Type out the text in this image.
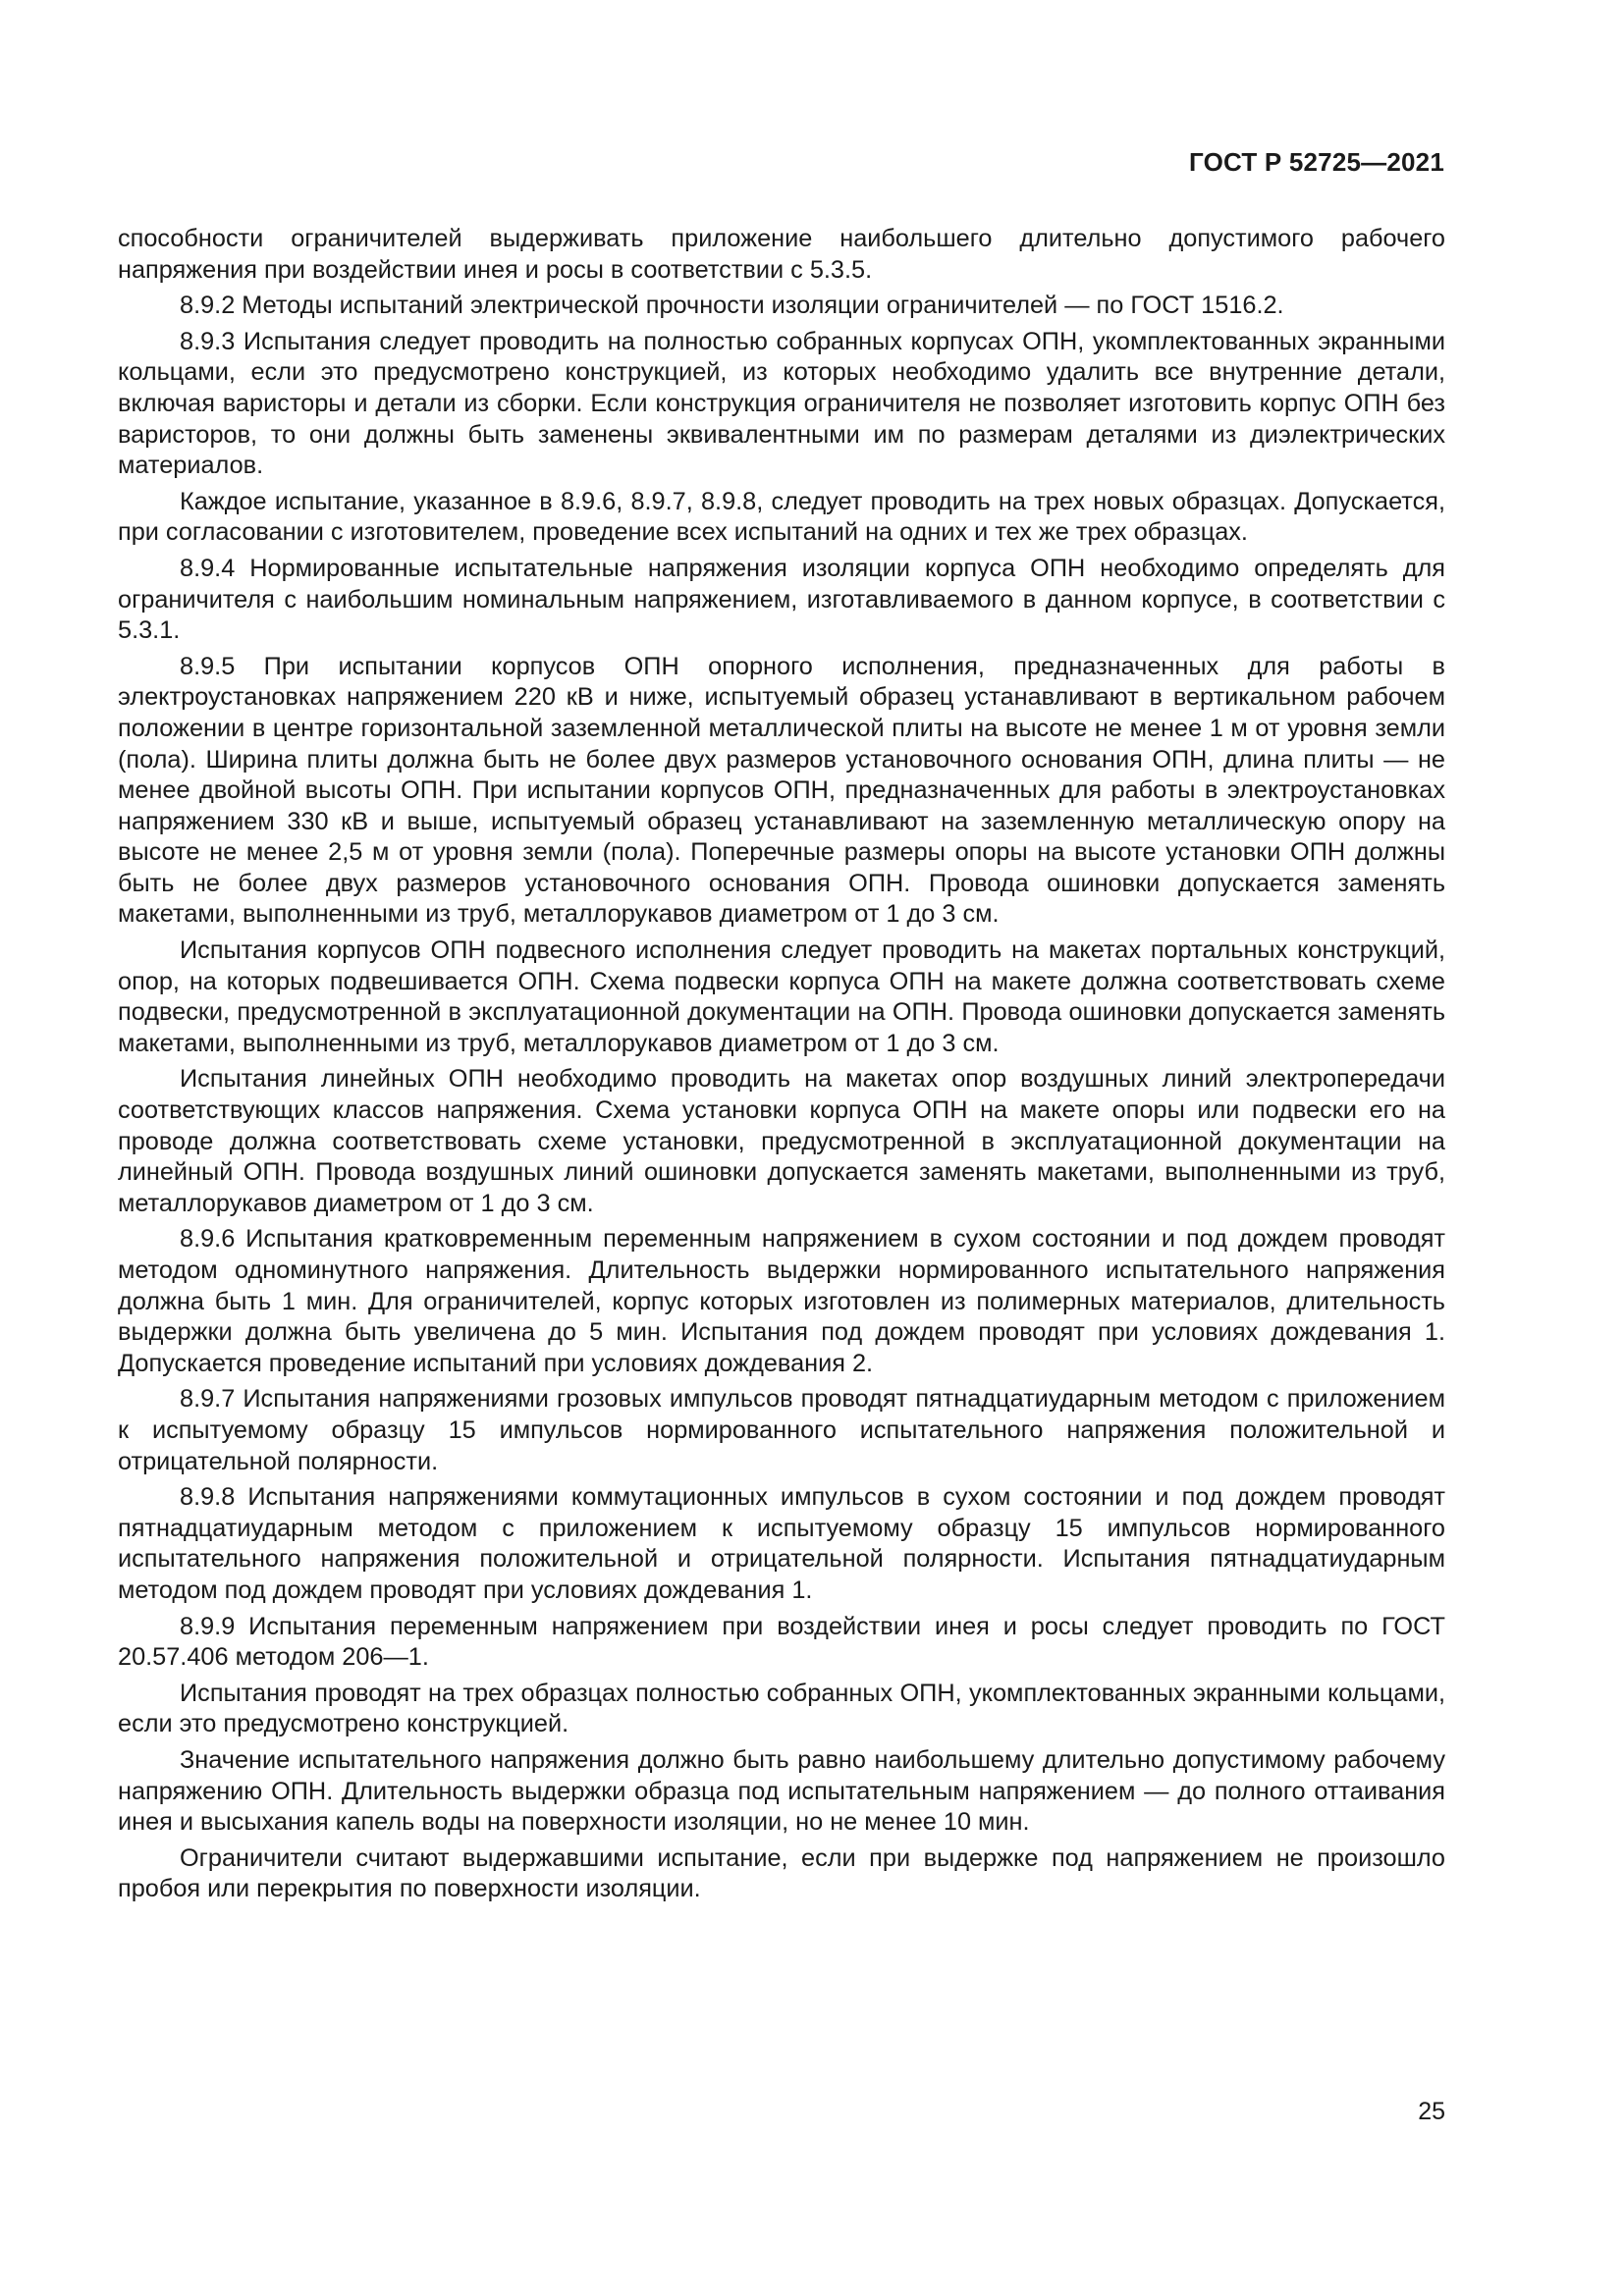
ГОСТ Р 52725—2021

способности ограничителей выдерживать приложение наибольшего длительно допустимого рабочего напряжения при воздействии инея и росы в соответствии с 5.3.5.

8.9.2 Методы испытаний электрической прочности изоляции ограничителей — по ГОСТ 1516.2.

8.9.3 Испытания следует проводить на полностью собранных корпусах ОПН, укомплектованных экранными кольцами, если это предусмотрено конструкцией, из которых необходимо удалить все внутренние детали, включая варисторы и детали из сборки. Если конструкция ограничителя не позволяет изготовить корпус ОПН без варисторов, то они должны быть заменены эквивалентными им по размерам деталями из диэлектрических материалов.

Каждое испытание, указанное в 8.9.6, 8.9.7, 8.9.8, следует проводить на трех новых образцах. Допускается, при согласовании с изготовителем, проведение всех испытаний на одних и тех же трех образцах.

8.9.4 Нормированные испытательные напряжения изоляции корпуса ОПН необходимо определять для ограничителя с наибольшим номинальным напряжением, изготавливаемого в данном корпусе, в соответствии с 5.3.1.

8.9.5 При испытании корпусов ОПН опорного исполнения, предназначенных для работы в электроустановках напряжением 220 кВ и ниже, испытуемый образец устанавливают в вертикальном рабочем положении в центре горизонтальной заземленной металлической плиты на высоте не менее 1 м от уровня земли (пола). Ширина плиты должна быть не более двух размеров установочного основания ОПН, длина плиты — не менее двойной высоты ОПН. При испытании корпусов ОПН, предназначенных для работы в электроустановках напряжением 330 кВ и выше, испытуемый образец устанавливают на заземленную металлическую опору на высоте не менее 2,5 м от уровня земли (пола). Поперечные размеры опоры на высоте установки ОПН должны быть не более двух размеров установочного основания ОПН. Провода ошиновки допускается заменять макетами, выполненными из труб, металлорукавов диаметром от 1 до 3 см.

Испытания корпусов ОПН подвесного исполнения следует проводить на макетах портальных конструкций, опор, на которых подвешивается ОПН. Схема подвески корпуса ОПН на макете должна соответствовать схеме подвески, предусмотренной в эксплуатационной документации на ОПН. Провода ошиновки допускается заменять макетами, выполненными из труб, металлорукавов диаметром от 1 до 3 см.

Испытания линейных ОПН необходимо проводить на макетах опор воздушных линий электропередачи соответствующих классов напряжения. Схема установки корпуса ОПН на макете опоры или подвески его на проводе должна соответствовать схеме установки, предусмотренной в эксплуатационной документации на линейный ОПН. Провода воздушных линий ошиновки допускается заменять макетами, выполненными из труб, металлорукавов диаметром от 1 до 3 см.

8.9.6 Испытания кратковременным переменным напряжением в сухом состоянии и под дождем проводят методом одноминутного напряжения. Длительность выдержки нормированного испытательного напряжения должна быть 1 мин. Для ограничителей, корпус которых изготовлен из полимерных материалов, длительность выдержки должна быть увеличена до 5 мин. Испытания под дождем проводят при условиях дождевания 1. Допускается проведение испытаний при условиях дождевания 2.

8.9.7 Испытания напряжениями грозовых импульсов проводят пятнадцатиударным методом с приложением к испытуемому образцу 15 импульсов нормированного испытательного напряжения положительной и отрицательной полярности.

8.9.8 Испытания напряжениями коммутационных импульсов в сухом состоянии и под дождем проводят пятнадцатиударным методом с приложением к испытуемому образцу 15 импульсов нормированного испытательного напряжения положительной и отрицательной полярности. Испытания пятнадцатиударным методом под дождем проводят при условиях дождевания 1.

8.9.9 Испытания переменным напряжением при воздействии инея и росы следует проводить по ГОСТ 20.57.406 методом 206—1.

Испытания проводят на трех образцах полностью собранных ОПН, укомплектованных экранными кольцами, если это предусмотрено конструкцией.

Значение испытательного напряжения должно быть равно наибольшему длительно допустимому рабочему напряжению ОПН. Длительность выдержки образца под испытательным напряжением — до полного оттаивания инея и высыхания капель воды на поверхности изоляции, но не менее 10 мин.

Ограничители считают выдержавшими испытание, если при выдержке под напряжением не произошло пробоя или перекрытия по поверхности изоляции.

25
